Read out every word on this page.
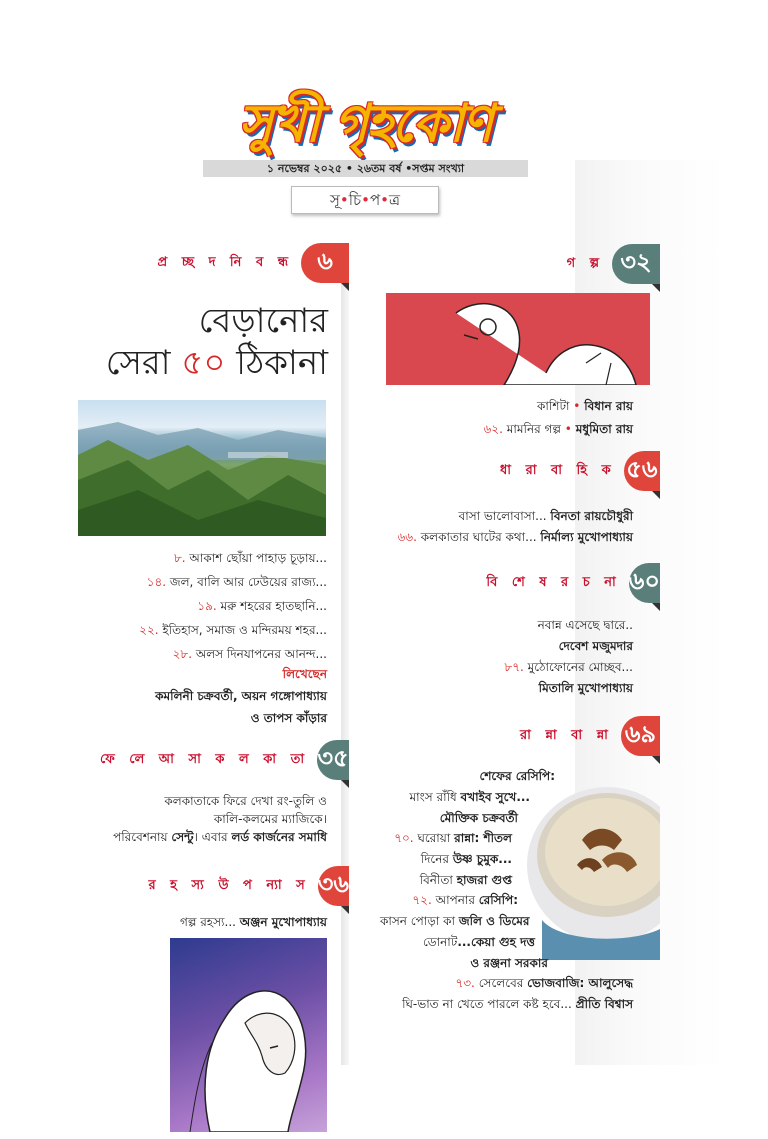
সুখী গৃহকোণ
১ নভেম্বর ২০২৫ • ২৬তম বর্ষ •সপ্তম সংখ্যা
সূ•চি•প•ত্র
প্র চ্ছ দ নি ব ন্ধ	৬
বেড়ানোর
সেরা ৫০ ঠিকানা
৮. আকাশ ছোঁয়া পাহাড় চূড়ায়...
১৪. জল, বালি আর ঢেউয়ের রাজ্য...
১৯. মরু শহরের হাতছানি...
২২. ইতিহাস, সমাজ ও মন্দিরময় শহর...
২৮. অলস দিনযাপনের আনন্দ...
লিখেছেন
কমলিনী চক্রবর্তী, অয়ন গঙ্গোপাধ্যায়
ও তাপস কাঁড়ার
ফে লে আ সা ক ল কা তা ৩৫
কলকাতাকে ফিরে দেখা রং-তুলি ও
কালি-কলমের ম্যাজিকে।
পরিবেশনায় সেন্টু। এবার লর্ড কার্জনের সমাধি
র হ স্য উ প ন্যা স ৩৬
গল্প রহস্য... অঞ্জন মুখোপাধ্যায়
গ ল্প ৩২
কাশিটা • বিধান রায়
৬২. মামনির গল্প • মধুমিতা রায়
ধা রা বা হি ক ৫৬
বাসা ভালোবাসা... বিনতা রায়চৌধুরী
৬৬. কলকাতার ঘাটের কথা... নির্মাল্য মুখোপাধ্যায়
বি শে ষ র চ না ৬০
নবান্ন এসেছে দ্বারে..
দেবেশ মজুমদার
৮৭. মুঠোফোনের মোচ্ছব...
মিতালি মুখোপাধ্যায়
রা ন্না বা ন্না ৬৯
শেফের রেসিপি:
মাংস রাঁধি বখাইব সুখে...
মৌক্তিক চক্রবর্তী
৭০. ঘরোয়া রান্না: শীতল
দিনের উষ্ণ চুমুক...
বিনীতা হাজরা গুপ্ত
৭২. আপনার রেসিপি:
কাসন পোড়া কা জলি ও ডিমের
ডোনাট...কেয়া গুহ দত্ত
ও রঞ্জনা সরকার
৭৩. সেলেবের ভোজবাজি: আলুসেদ্ধ
ঘি-ভাত না খেতে পারলে কষ্ট হবে... প্রীতি বিশ্বাস
